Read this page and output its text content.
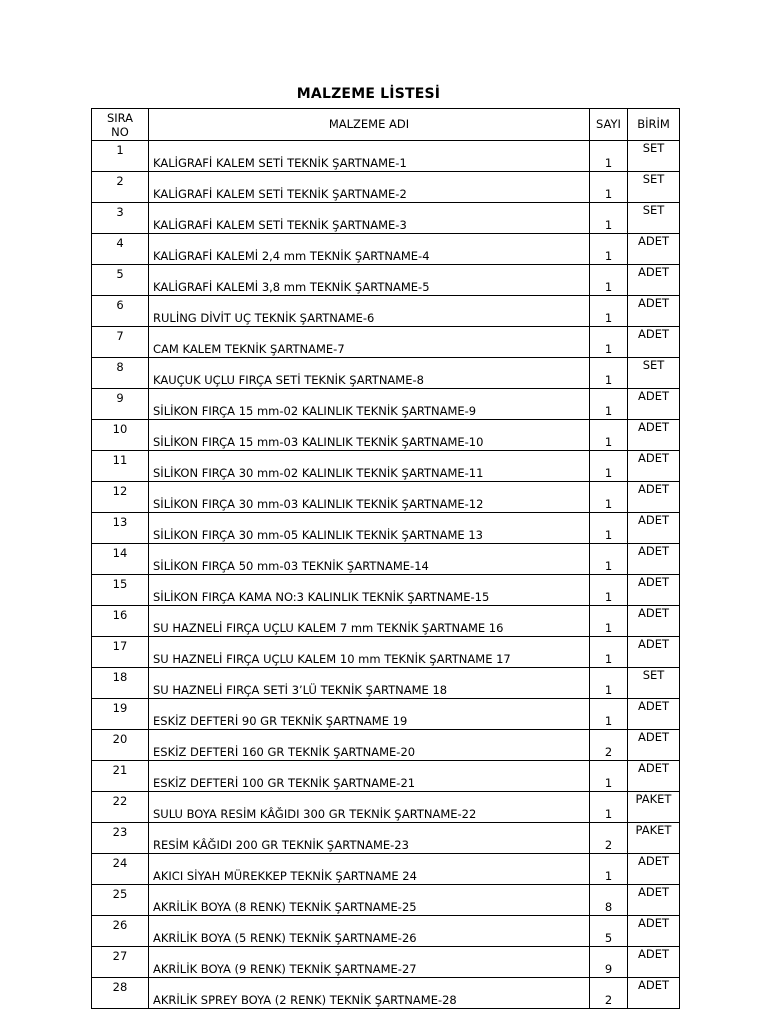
MALZEME LİSTESİ
SIRA
NO	MALZEME ADI	SAYI	BİRİM
1	KALİGRAFİ KALEM SETİ TEKNİK ŞARTNAME-1	1	SET
2	KALİGRAFİ KALEM SETİ TEKNİK ŞARTNAME-2	1	SET
3	KALİGRAFİ KALEM SETİ TEKNİK ŞARTNAME-3	1	SET
4	KALİGRAFİ KALEMİ 2,4 mm TEKNİK ŞARTNAME-4	1	ADET
5	KALİGRAFİ KALEMİ 3,8 mm TEKNİK ŞARTNAME-5	1	ADET
6	RULİNG DİVİT UÇ TEKNİK ŞARTNAME-6	1	ADET
7	CAM KALEM TEKNİK ŞARTNAME-7	1	ADET
8	KAUÇUK UÇLU FIRÇA SETİ TEKNİK ŞARTNAME-8	1	SET
9	SİLİKON FIRÇA 15 mm-02 KALINLIK TEKNİK ŞARTNAME-9	1	ADET
10	SİLİKON FIRÇA 15 mm-03 KALINLIK TEKNİK ŞARTNAME-10	1	ADET
11	SİLİKON FIRÇA 30 mm-02 KALINLIK TEKNİK ŞARTNAME-11	1	ADET
12	SİLİKON FIRÇA 30 mm-03 KALINLIK TEKNİK ŞARTNAME-12	1	ADET
13	SİLİKON FIRÇA 30 mm-05 KALINLIK TEKNİK ŞARTNAME 13	1	ADET
14	SİLİKON FIRÇA 50 mm-03 TEKNİK ŞARTNAME-14	1	ADET
15	SİLİKON FIRÇA KAMA NO:3 KALINLIK TEKNİK ŞARTNAME-15	1	ADET
16	SU HAZNELİ FIRÇA UÇLU KALEM 7 mm TEKNİK ŞARTNAME 16	1	ADET
17	SU HAZNELİ FIRÇA UÇLU KALEM 10 mm TEKNİK ŞARTNAME 17	1	ADET
18	SU HAZNELİ FIRÇA SETİ 3’LÜ TEKNİK ŞARTNAME 18	1	SET
19	ESKİZ DEFTERİ 90 GR TEKNİK ŞARTNAME 19	1	ADET
20	ESKİZ DEFTERİ 160 GR TEKNİK ŞARTNAME-20	2	ADET
21	ESKİZ DEFTERİ 100 GR TEKNİK ŞARTNAME-21	1	ADET
22	SULU BOYA RESİM KÂĞIDI 300 GR TEKNİK ŞARTNAME-22	1	PAKET
23	RESİM KÂĞIDI 200 GR TEKNİK ŞARTNAME-23	2	PAKET
24	AKICI SİYAH MÜREKKEP TEKNİK ŞARTNAME 24	1	ADET
25	AKRİLİK BOYA (8 RENK) TEKNİK ŞARTNAME-25	8	ADET
26	AKRİLİK BOYA (5 RENK) TEKNİK ŞARTNAME-26	5	ADET
27	AKRİLİK BOYA (9 RENK) TEKNİK ŞARTNAME-27	9	ADET
28	AKRİLİK SPREY BOYA (2 RENK) TEKNİK ŞARTNAME-28	2	ADET
